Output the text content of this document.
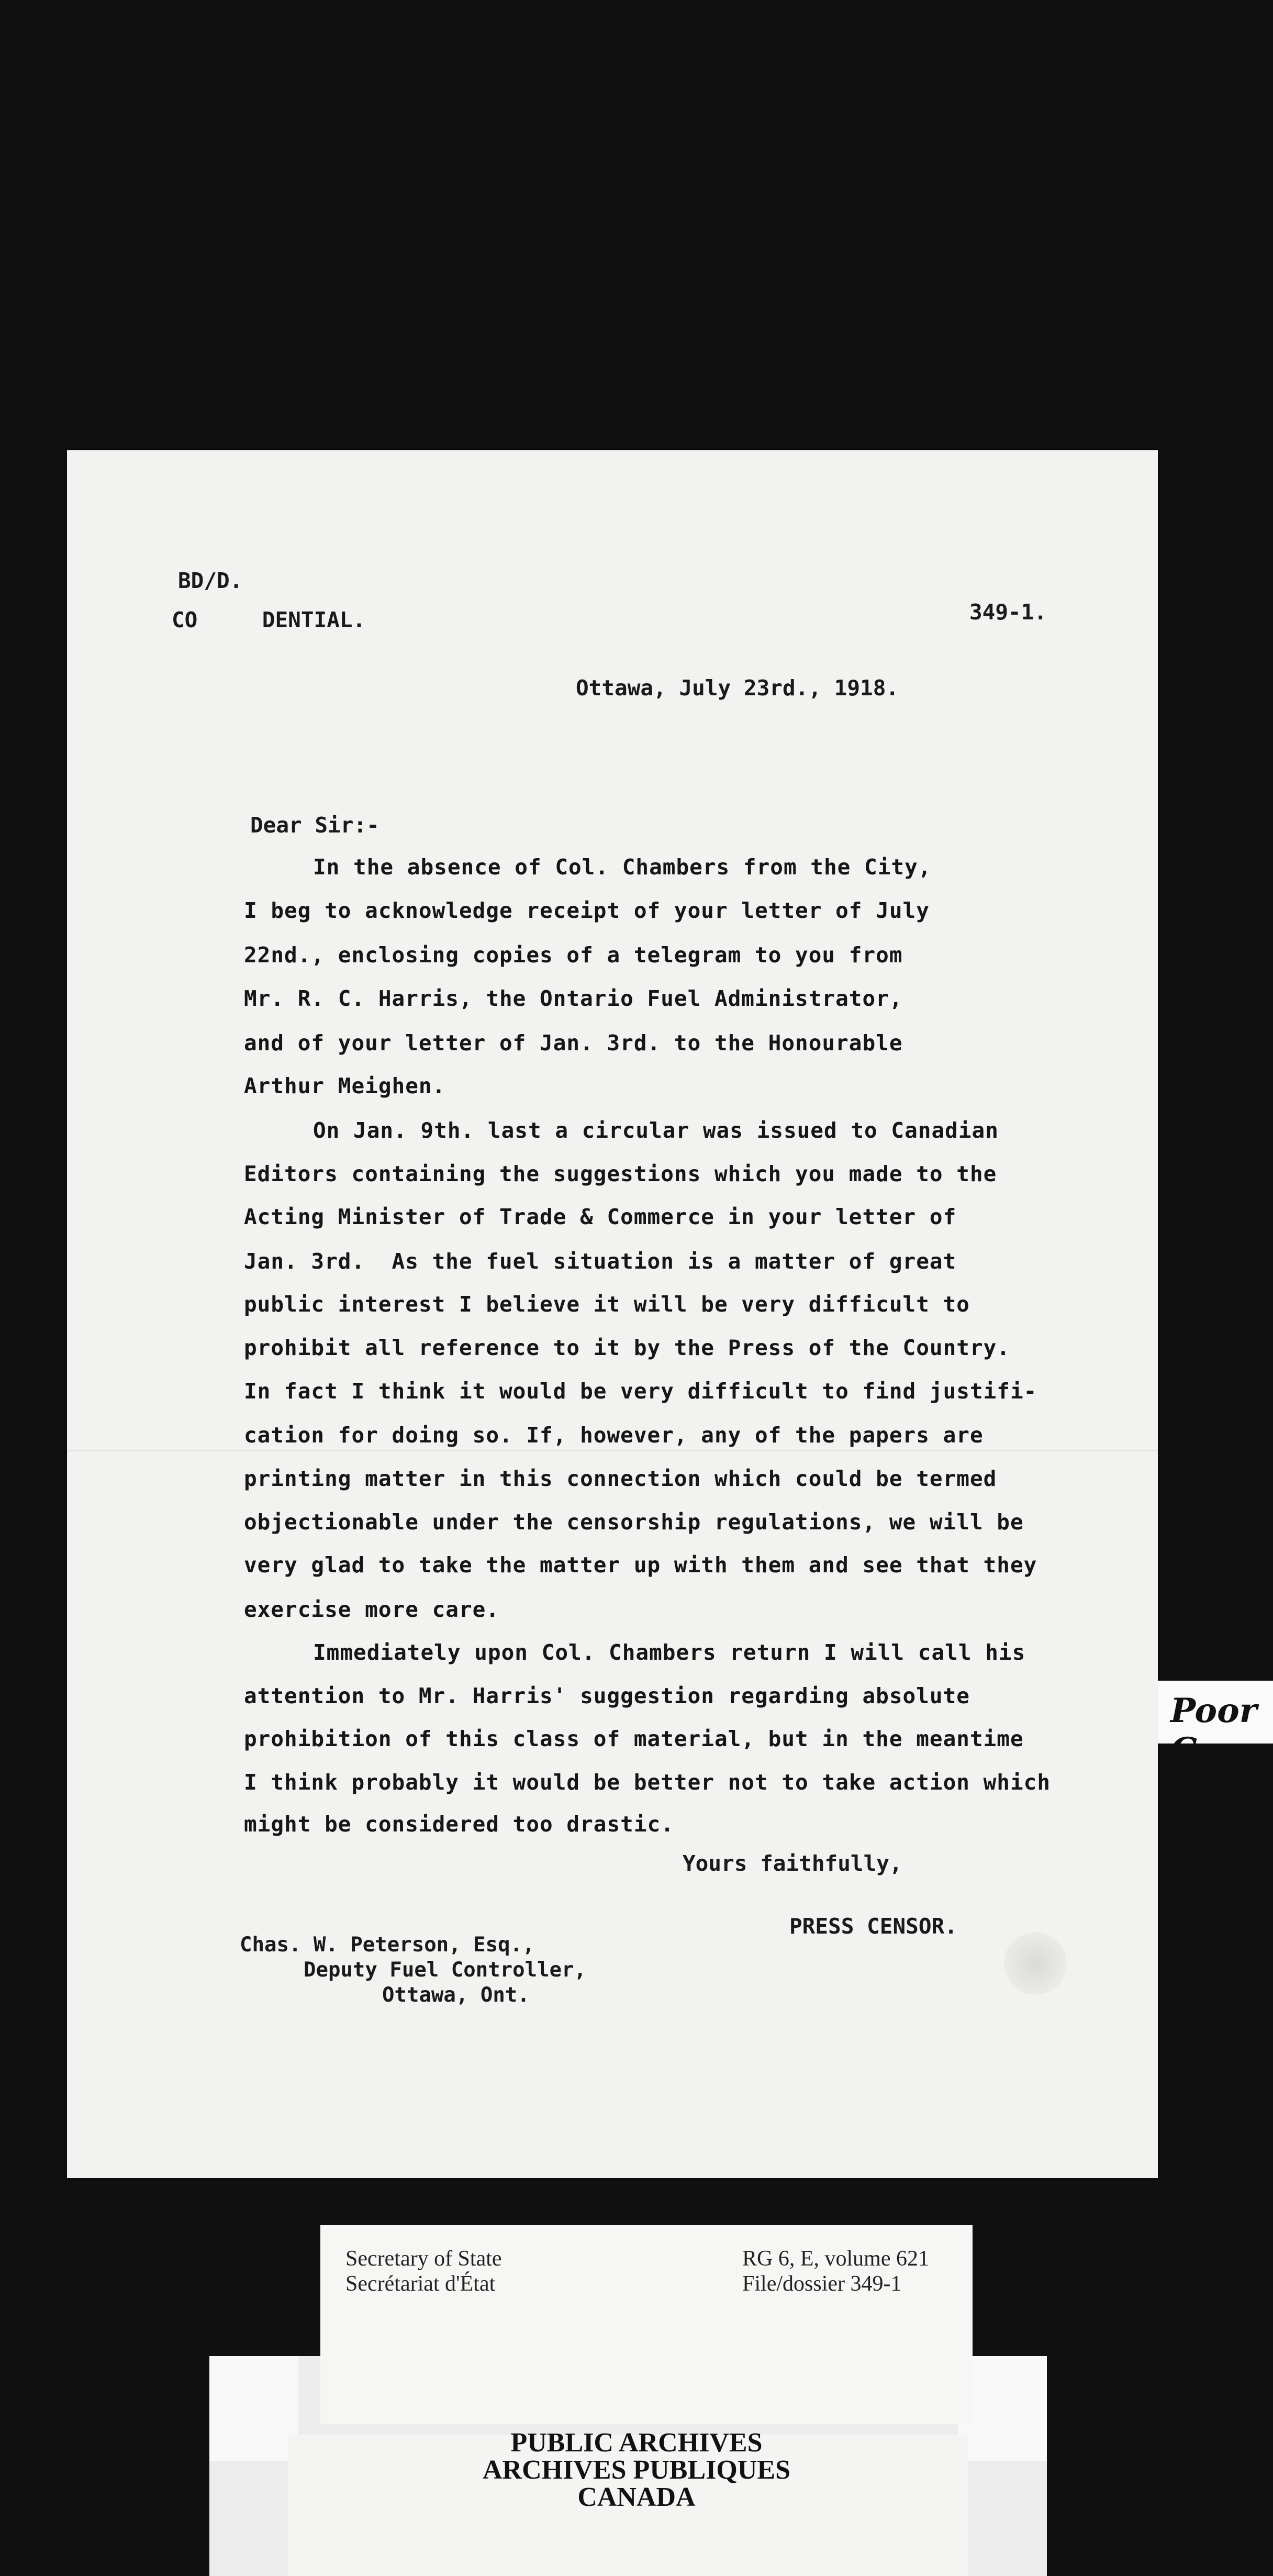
BD/D.
349-1.
CO     DENTIAL.
Ottawa, July 23rd., 1918.
Dear Sir:-
In the absence of Col. Chambers from the City,
I beg to acknowledge receipt of your letter of July
22nd., enclosing copies of a telegram to you from
Mr. R. C. Harris, the Ontario Fuel Administrator,
and of your letter of Jan. 3rd. to the Honourable
Arthur Meighen.
On Jan. 9th. last a circular was issued to Canadian
Editors containing the suggestions which you made to the
Acting Minister of Trade & Commerce in your letter of
Jan. 3rd.  As the fuel situation is a matter of great
public interest I believe it will be very difficult to
prohibit all reference to it by the Press of the Country.
In fact I think it would be very difficult to find justifi-
cation for doing so. If, however, any of the papers are
printing matter in this connection which could be termed
objectionable under the censorship regulations, we will be
very glad to take the matter up with them and see that they
exercise more care.
Immediately upon Col. Chambers return I will call his
attention to Mr. Harris' suggestion regarding absolute
prohibition of this class of material, but in the meantime
I think probably it would be better not to take action which
might be considered too drastic.
Yours faithfully,
PRESS CENSOR.
Chas. W. Peterson, Esq.,
Deputy Fuel Controller,
Ottawa, Ont.
Poor C
Secretary of State
Secrétariat d'État
RG 6, E, volume 621
File/dossier 349-1
PUBLIC ARCHIVES
ARCHIVES PUBLIQUES
CANADA
